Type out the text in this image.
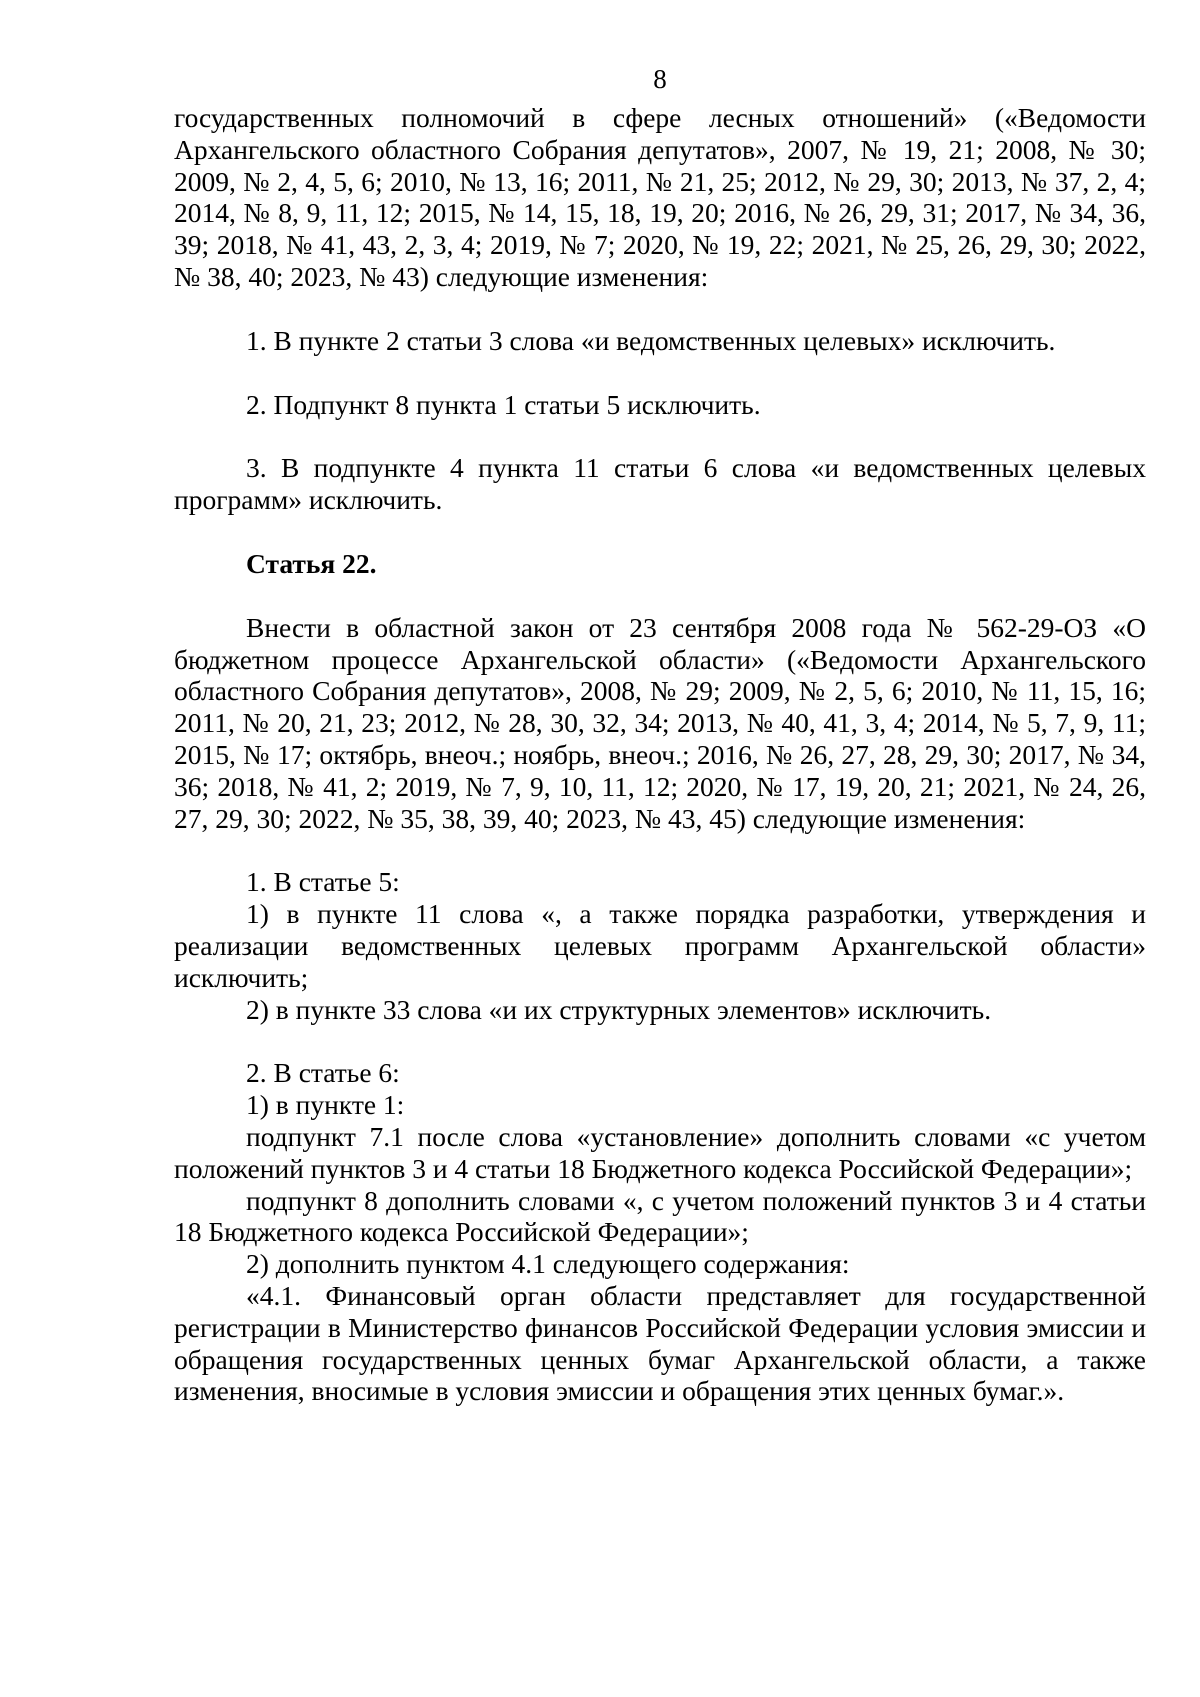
8

государственных полномочий в сфере лесных отношений» («Ведомости Архангельского областного Собрания депутатов», 2007, № 19, 21; 2008, № 30; 2009, № 2, 4, 5, 6; 2010, № 13, 16; 2011, № 21, 25; 2012, № 29, 30; 2013, № 37, 2, 4; 2014, № 8, 9, 11, 12; 2015, № 14, 15, 18, 19, 20; 2016, № 26, 29, 31; 2017, № 34, 36, 39; 2018, № 41, 43, 2, 3, 4; 2019, № 7; 2020, № 19, 22; 2021, № 25, 26, 29, 30; 2022, № 38, 40; 2023, № 43) следующие изменения:

1. В пункте 2 статьи 3 слова «и ведомственных целевых» исключить.

2. Подпункт 8 пункта 1 статьи 5 исключить.

3. В подпункте 4 пункта 11 статьи 6 слова «и ведомственных целевых программ» исключить.

Статья 22.

Внести в областной закон от 23 сентября 2008 года № 562-29-ОЗ «О бюджетном процессе Архангельской области» («Ведомости Архангельского областного Собрания депутатов», 2008, № 29; 2009, № 2, 5, 6; 2010, № 11, 15, 16; 2011, № 20, 21, 23; 2012, № 28, 30, 32, 34; 2013, № 40, 41, 3, 4; 2014, № 5, 7, 9, 11; 2015, № 17; октябрь, внеоч.; ноябрь, внеоч.; 2016, № 26, 27, 28, 29, 30; 2017, № 34, 36; 2018, № 41, 2; 2019, № 7, 9, 10, 11, 12; 2020, № 17, 19, 20, 21; 2021, № 24, 26, 27, 29, 30; 2022, № 35, 38, 39, 40; 2023, № 43, 45) следующие изменения:

1. В статье 5:

1) в пункте 11 слова «, а также порядка разработки, утверждения и реализации ведомственных целевых программ Архангельской области» исключить;

2) в пункте 33 слова «и их структурных элементов» исключить.

2. В статье 6:

1) в пункте 1:

подпункт 7.1 после слова «установление» дополнить словами «с учетом положений пунктов 3 и 4 статьи 18 Бюджетного кодекса Российской Федерации»;

подпункт 8 дополнить словами «, с учетом положений пунктов 3 и 4 статьи 18 Бюджетного кодекса Российской Федерации»;

2) дополнить пунктом 4.1 следующего содержания:

«4.1. Финансовый орган области представляет для государственной регистрации в Министерство финансов Российской Федерации условия эмиссии и обращения государственных ценных бумаг Архангельской области, а также изменения, вносимые в условия эмиссии и обращения этих ценных бумаг.».
